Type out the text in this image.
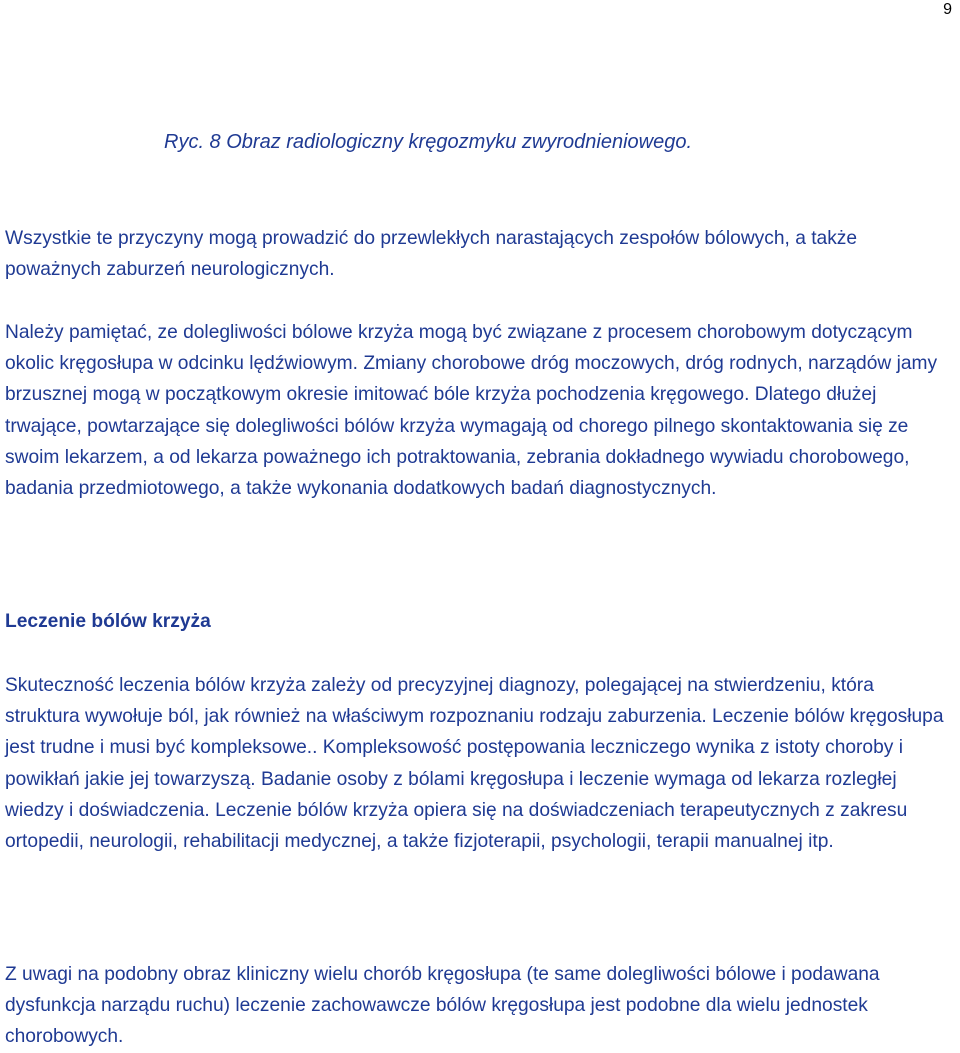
9
Ryc. 8 Obraz radiologiczny kręgozmyku zwyrodnieniowego.

Wszystkie te przyczyny mogą prowadzić do przewlekłych narastających zespołów bólowych, a także poważnych zaburzeń neurologicznych.

Należy pamiętać, ze dolegliwości bólowe krzyża mogą być związane z procesem chorobowym dotyczącym okolic kręgosłupa w odcinku lędźwiowym. Zmiany chorobowe dróg moczowych, dróg rodnych, narządów jamy brzusznej mogą w początkowym okresie imitować bóle krzyża pochodzenia kręgowego. Dlatego dłużej trwające, powtarzające się dolegliwości bólów krzyża wymagają od chorego pilnego skontaktowania się ze swoim lekarzem, a od lekarza poważnego ich potraktowania, zebrania dokładnego wywiadu chorobowego, badania przedmiotowego, a także wykonania dodatkowych badań diagnostycznych.

Leczenie bólów krzyża

Skuteczność leczenia bólów krzyża zależy od precyzyjnej diagnozy, polegającej na stwierdzeniu, która struktura wywołuje ból, jak również na właściwym rozpoznaniu rodzaju zaburzenia. Leczenie bólów kręgosłupa jest trudne i musi być kompleksowe.. Kompleksowość postępowania leczniczego wynika z istoty choroby i powikłań jakie jej towarzyszą. Badanie osoby z bólami kręgosłupa i leczenie wymaga od lekarza rozległej wiedzy i doświadczenia. Leczenie bólów krzyża opiera się na doświadczeniach terapeutycznych z zakresu ortopedii, neurologii, rehabilitacji medycznej, a także fizjoterapii, psychologii, terapii manualnej itp.

Z uwagi na podobny obraz kliniczny wielu chorób kręgosłupa (te same dolegliwości bólowe i podawana dysfunkcja narządu ruchu) leczenie zachowawcze bólów kręgosłupa jest podobne dla wielu jednostek chorobowych.
